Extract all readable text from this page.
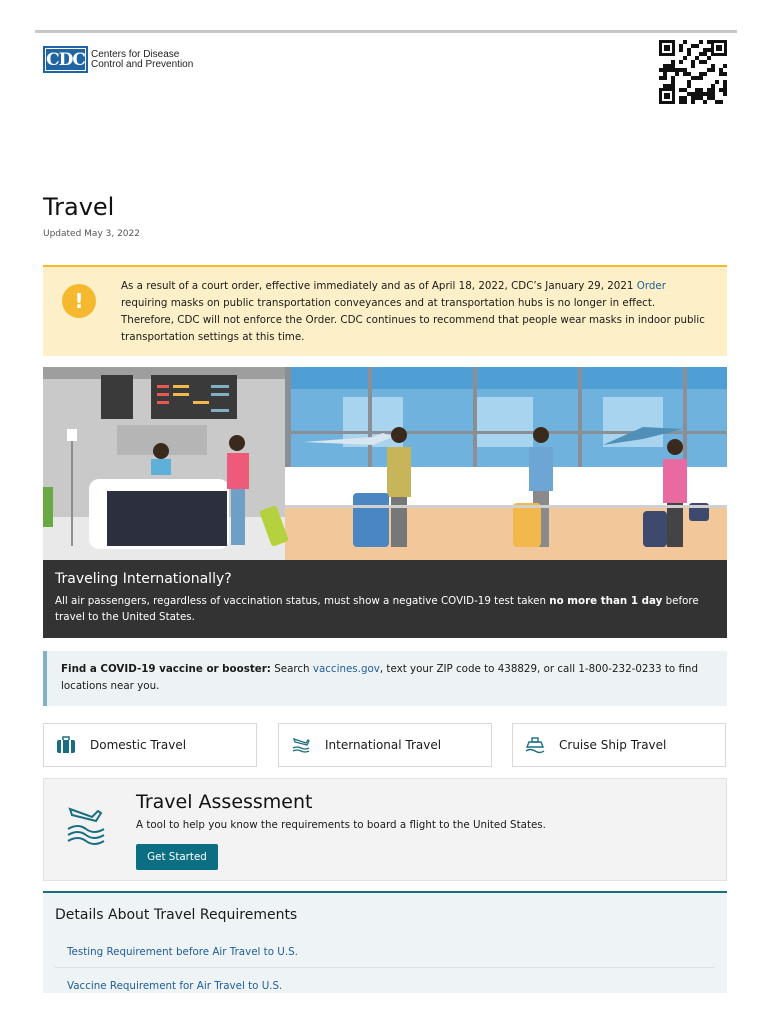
CDC Centers for Disease
Control and Prevention
Travel
Updated May 3, 2022
!
As a result of a court order, effective immediately and as of April 18, 2022, CDC’s January 29, 2021 Order requiring masks on public transportation conveyances and at transportation hubs is no longer in effect. Therefore, CDC will not enforce the Order. CDC continues to recommend that people wear masks in indoor public transportation settings at this time.
Traveling Internationally?

All air passengers, regardless of vaccination status, must show a negative COVID-19 test taken no more than 1 day before travel to the United States.

Find a COVID-19 vaccine or booster: Search vaccines.gov, text your ZIP code to 438829, or call 1-800-232-0233 to find locations near you.
Domestic Travel	International Travel	Cruise Ship Travel
Travel Assessment

A tool to help you know the requirements to board a flight to the United States.

Get Started
Details About Travel Requirements
Testing Requirement before Air Travel to U.S.
Vaccine Requirement for Air Travel to U.S.
